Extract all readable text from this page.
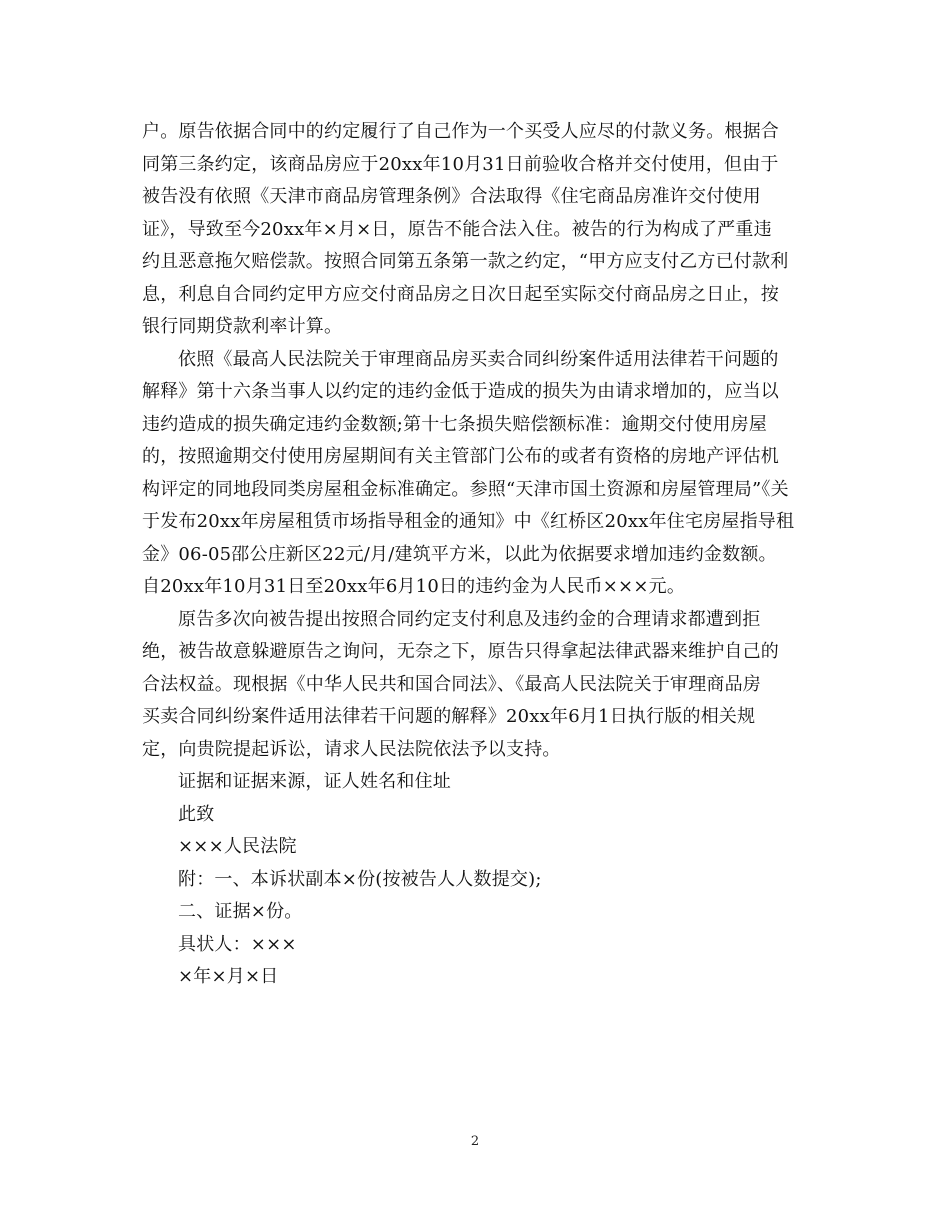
户。原告依据合同中的约定履行了自己作为一个买受人应尽的付款义务。根据合
同第三条约定，该商品房应于20xx年10月31日前验收合格并交付使用，但由于
被告没有依照《天津市商品房管理条例》合法取得《住宅商品房准许交付使用
证》，导致至今20xx年×月×日，原告不能合法入住。被告的行为构成了严重违
约且恶意拖欠赔偿款。按照合同第五条第一款之约定，“甲方应支付乙方已付款利
息，利息自合同约定甲方应交付商品房之日次日起至实际交付商品房之日止，按
银行同期贷款利率计算。
依照《最高人民法院关于审理商品房买卖合同纠纷案件适用法律若干问题的
解释》第十六条当事人以约定的违约金低于造成的损失为由请求增加的，应当以
违约造成的损失确定违约金数额;第十七条损失赔偿额标准：逾期交付使用房屋
的，按照逾期交付使用房屋期间有关主管部门公布的或者有资格的房地产评估机
构评定的同地段同类房屋租金标准确定。参照“天津市国土资源和房屋管理局”《关
于发布20xx年房屋租赁市场指导租金的通知》中《红桥区20xx年住宅房屋指导租
金》06-05邵公庄新区22元/月/建筑平方米，以此为依据要求增加违约金数额。
自20xx年10月31日至20xx年6月10日的违约金为人民币×××元。
原告多次向被告提出按照合同约定支付利息及违约金的合理请求都遭到拒
绝，被告故意躲避原告之询问，无奈之下，原告只得拿起法律武器来维护自己的
合法权益。现根据《中华人民共和国合同法》、《最高人民法院关于审理商品房
买卖合同纠纷案件适用法律若干问题的解释》20xx年6月1日执行版的相关规
定，向贵院提起诉讼，请求人民法院依法予以支持。
证据和证据来源，证人姓名和住址
此致
×××人民法院
附：一、本诉状副本×份(按被告人人数提交);
二、证据×份。
具状人：×××
×年×月×日
2
